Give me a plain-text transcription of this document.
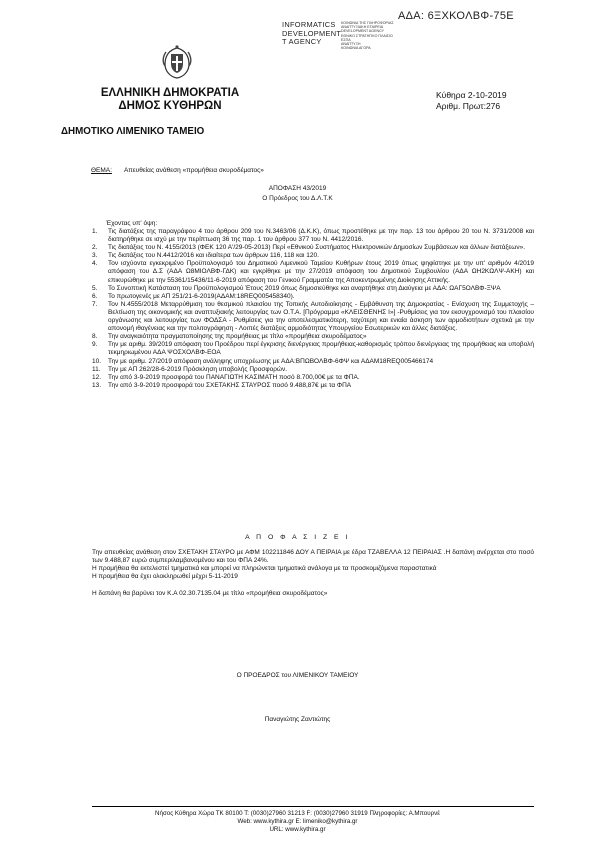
ΑΔΑ: 6ΞΧΚΟΛΒΦ-75Ε
INFORMATICS
DEVELOPMENT
T AGENCY
ΚΟΙΝΩΝΙΑ ΤΗΣ ΠΛΗΡΟΦΟΡΙΑΣ
ΑΝΑΠΤΥΞΙΑΚΗ ΕΤΑΙΡΕΙΑ
DEVELOPMENT AGENCY
ΕΘΝΙΚΟ ΣΤΡΑΤΗΓΙΚΟ ΠΛΑΙΣΙΟ
ΕΣΠΑ
ΑΝΑΠΤΥΞΗ
ΚΟΙΝΩΝΙΑ ΑΓΟΡΑ
ΕΛΛΗΝΙΚΗ ΔΗΜΟΚΡΑΤΙΑ
ΔΗΜΟΣ ΚΥΘΗΡΩΝ
Κύθηρα 2-10-2019
Αριθμ. Πρωτ:276
ΔΗΜΟΤΙΚΟ ΛΙΜΕΝΙΚΟ ΤΑΜΕΙΟ
ΘΕΜΑ: Απευθείας ανάθεση «προμήθεια σκυροδέματος»
ΑΠΟΦΑΣΗ 43/2019
Ο Πρόεδρος του Δ.Λ.Τ.Κ
Έχοντας υπ' όψη:
1.	Τις διατάξεις της παραγράφου 4 του άρθρου 209 του Ν.3463/06 (Δ.Κ.Κ), όπως προστέθηκε με την παρ. 13 του άρθρου 20 του Ν. 3731/2008 και διατηρήθηκε σε ισχύ με την περίπτωση 36 της παρ. 1 του άρθρου 377 του Ν. 4412/2016.
2.	Τις διατάξεις του Ν. 4155/2013 (ΦΕΚ 120 Α'/29-05-2013) Περί «Εθνικού Συστήματος Ηλεκτρονικών Δημοσίων Συμβάσεων και άλλων διατάξεων».
3.	Τις διατάξεις του Ν.4412/2016 και ιδιαίτερα των άρθρων 116, 118 και 120.
4.	Τον ισχύοντα εγκεκριμένο Προϋπολογισμό του Δημοτικού Λιμενικού Ταμείου Κυθήρων έτους 2019 όπως ψηφίστηκε με την υπ' αριθμόν 4/2019 απόφαση του Δ.Σ (ΑΔΑ Ω8ΜΙΟΛΒΦ-ΓΔΚ) και εγκρίθηκε με την 27/2019 απόφαση του Δημοτικού Συμβουλίου (ΑΔΑ ΩΗ2ΚΩΛΨ-ΑΚΗ) και επικυρώθηκε με την 55361/15436/11-6-2019 απόφαση του Γενικού Γραμματέα της Αποκεντρωμένης Διοίκησης Αττικής.
5.	Το Συνοπτική Κατάσταση του Προϋπολογισμού Έτους 2019 όπως δημοσιεύθηκε και αναρτήθηκε στη Διαύγεια με ΑΔΑ: ΩΑΓ5ΟΛΒΦ-ΞΨΑ
6.	Το πρωτογενές με ΑΠ 251/21-6-2019(ΑΔΑΜ:18REQ005458340).
7.	Τον Ν.4555/2018 Μεταρρύθμιση του θεσμικού πλαισίου της Τοπικής Αυτοδιοίκησης - Εμβάθυνση της Δημοκρατίας - Ενίσχυση της Συμμετοχής – Βελτίωση της οικονομικής και αναπτυξιακής λειτουργίας των Ο.Τ.Α. [Πρόγραμμα «ΚΛΕΙΣΘΕΝΗΣ Ι»] -Ρυθμίσεις για τον εκσυγχρονισμό του πλαισίου οργάνωσης και λειτουργίας των ΦΟΔΣΑ - Ρυθμίσεις για την αποτελεσματικότερη, ταχύτερη και ενιαία άσκηση των αρμοδιοτήτων σχετικά με την απονομή ιθαγένειας και την πολιτογράφηση - Λοιπές διατάξεις αρμοδιότητας Υπουργείου Εσωτερικών και άλλες διατάξεις.
8.	Την αναγκαιότητα πραγματοποίησης της προμήθειας με τίτλο «προμήθεια σκυροδέματος»
9.	Την με αριθμ. 39/2019 απόφαση του Προέδρου περί έγκρισης διενέργειας προμήθειας-καθορισμός τρόπου διενέργειας της προμήθειας και υποβολή τεκμηριωμένου ΑΔΑ ΨΟΣΧΟΛΒΦ-ΕΟΑ
10.	Την με αριθμ. 27/2019 απόφαση ανάληψης υποχρέωσης με ΑΔΑ:ΒΠΩΒΟΛΒΦ-6ΦΨ και ΑΔΑΜ18REQ005466174
11.	Την με ΑΠ 262/28-6-2019 Πρόσκληση υποβολής Προσφορών.
12.	Την από 3-9-2019 προσφορά του ΠΑΝΑΓΙΩΤΗ ΚΑΣΙΜΑΤΗ ποσό 8.700,00€ με τα ΦΠΑ.
13.	Την από 3-9-2019 προσφορά του ΣΧΕΤΑΚΗΣ ΣΤΑΥΡΟΣ ποσό 9.488,87€ με τα ΦΠΑ
Α Π Ο Φ Α Σ Ι Ζ Ε Ι

Την απευθείας ανάθεση στον ΣΧΕΤΑΚΗ ΣΤΑΥΡΟ με ΑΦΜ 102211846 ΔΟΥ Α ΠΕΙΡΑΙΑ με έδρα ΤΖΑΒΕΛΛΑ 12 ΠΕΙΡΑΙΑΣ .Η δαπάνη ανέρχεται στο ποσό των 9.488,87 ευρώ συμπεριλαμβανομένου και του ΦΠΑ 24%.

Η προμήθεια θα εκτελεστεί τμηματικά και μπορεί να πληρώνεται τμηματικά ανάλογα με τα προσκομιζόμενα παραστατικά

Η προμήθεια θα έχει ολοκληρωθεί μέχρι 5-11-2019

Η δαπάνη θα βαρύνει τον Κ.Α 02.30.7135.04 με τίτλο «προμήθεια σκυροδέματος»

Ο ΠΡΟΕΔΡΟΣ του ΛΙΜΕΝΙΚΟΥ ΤΑΜΕΙΟΥ
Παναγιώτης Ζαντιώτης
Νήσος Κύθηρα Χώρα ΤΚ 80100 Τ: (0030)27960 31213 F: (0030)27960 31919 Πληροφορίες: Α.Μπουρνέ
Web: www.kythira.gr E: limeniko@kythira.gr
URL: www.kythira.gr
